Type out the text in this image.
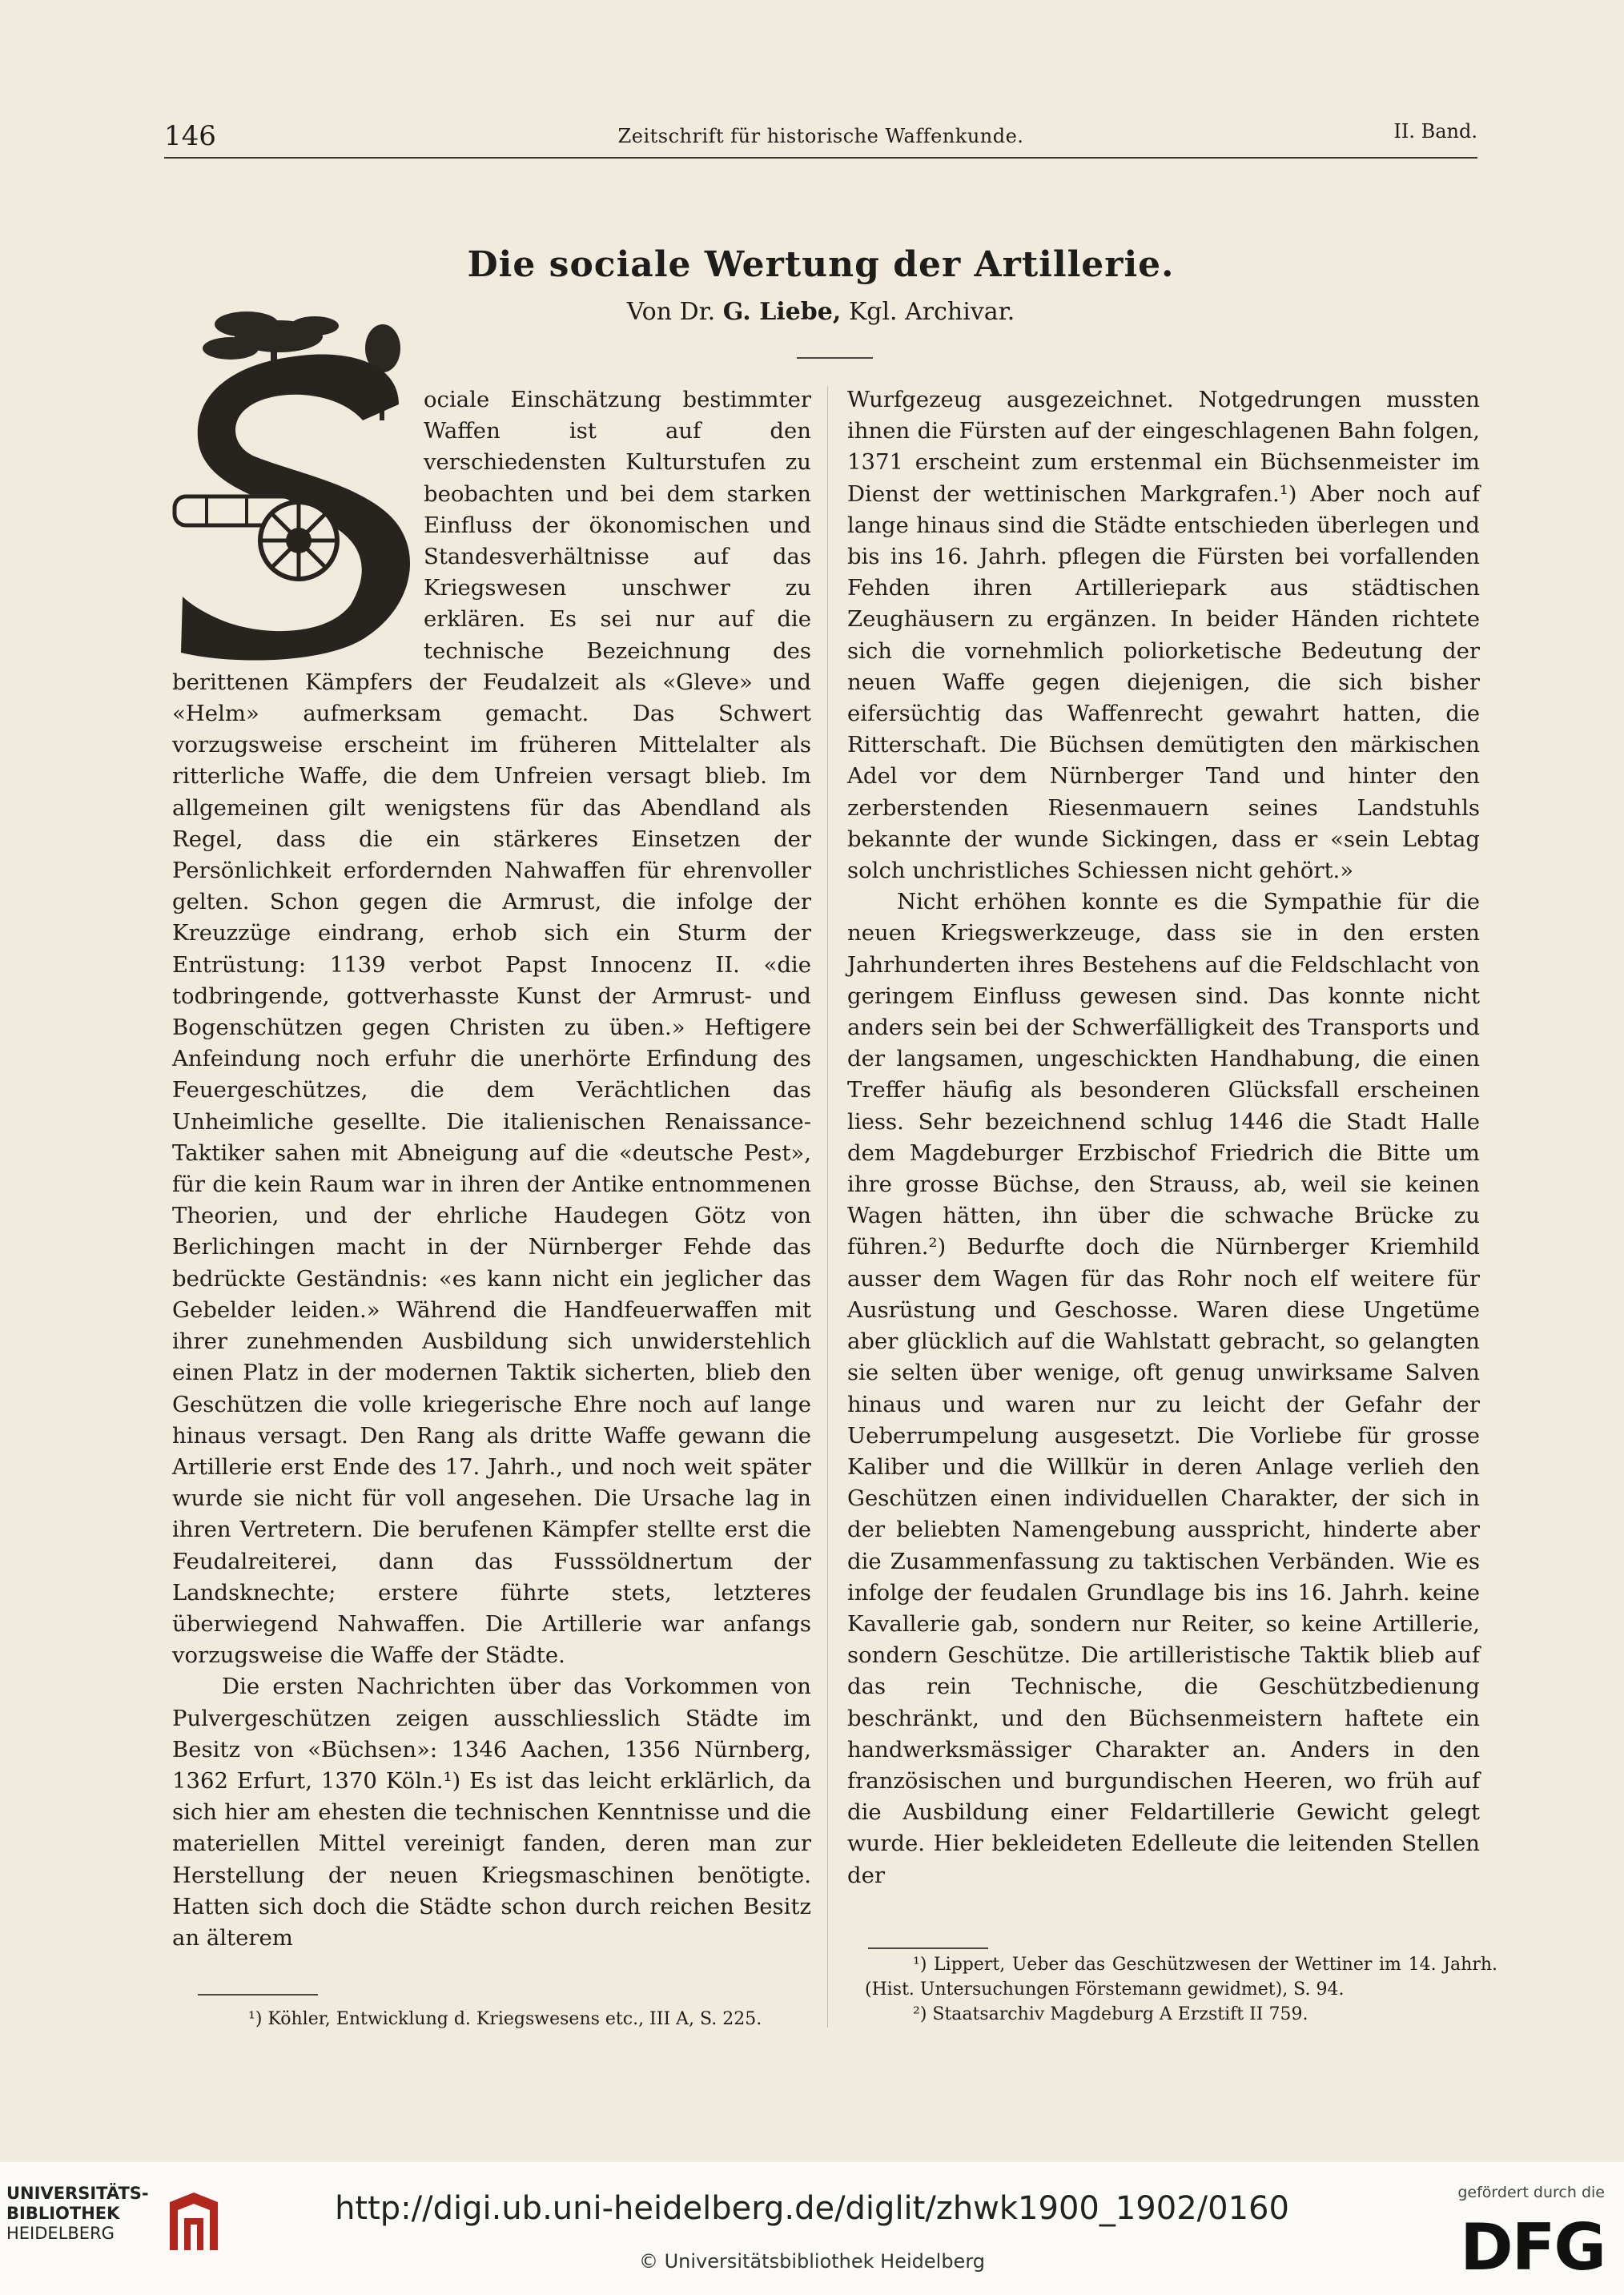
146	Zeitschrift für historische Waffenkunde.	II. Band.
Die sociale Wertung der Artillerie.
Von Dr. G. Liebe, Kgl. Archivar.

ociale Einschätzung bestimmter Waffen ist auf den verschiedensten Kulturstufen zu beobachten und bei dem starken Einfluss der ökonomischen und Standesverhältnisse auf das Kriegswesen unschwer zu erklären. Es sei nur auf die technische Bezeichnung des berittenen Kämpfers der Feudalzeit als «Gleve» und «Helm» aufmerksam gemacht. Das Schwert vorzugsweise erscheint im früheren Mittelalter als ritterliche Waffe, die dem Unfreien versagt blieb. Im allgemeinen gilt wenigstens für das Abendland als Regel, dass die ein stärkeres Einsetzen der Persönlichkeit erfordernden Nahwaffen für ehrenvoller gelten. Schon gegen die Armrust, die infolge der Kreuzzüge eindrang, erhob sich ein Sturm der Entrüstung: 1139 verbot Papst Innocenz II. «die todbringende, gottverhasste Kunst der Armrust- und Bogenschützen gegen Christen zu üben.» Heftigere Anfeindung noch erfuhr die unerhörte Erfindung des Feuergeschützes, die dem Verächtlichen das Unheimliche gesellte. Die italienischen Renaissance-Taktiker sahen mit Abneigung auf die «deutsche Pest», für die kein Raum war in ihren der Antike entnommenen Theorien, und der ehrliche Haudegen Götz von Berlichingen macht in der Nürnberger Fehde das bedrückte Geständnis: «es kann nicht ein jeglicher das Gebelder leiden.» Während die Handfeuerwaffen mit ihrer zunehmenden Ausbildung sich unwiderstehlich einen Platz in der modernen Taktik sicherten, blieb den Geschützen die volle kriegerische Ehre noch auf lange hinaus versagt. Den Rang als dritte Waffe gewann die Artillerie erst Ende des 17. Jahrh., und noch weit später wurde sie nicht für voll angesehen. Die Ursache lag in ihren Vertretern. Die berufenen Kämpfer stellte erst die Feudalreiterei, dann das Fusssöldnertum der Landsknechte; erstere führte stets, letzteres überwiegend Nahwaffen. Die Artillerie war anfangs vorzugsweise die Waffe der Städte.

Die ersten Nachrichten über das Vorkommen von Pulvergeschützen zeigen ausschliesslich Städte im Besitz von «Büchsen»: 1346 Aachen, 1356 Nürnberg, 1362 Erfurt, 1370 Köln.¹) Es ist das leicht erklärlich, da sich hier am ehesten die technischen Kenntnisse und die materiellen Mittel vereinigt fanden, deren man zur Herstellung der neuen Kriegsmaschinen benötigte. Hatten sich doch die Städte schon durch reichen Besitz an älterem

¹) Köhler, Entwicklung d. Kriegswesens etc., III A, S. 225.

Wurfgezeug ausgezeichnet. Notgedrungen mussten ihnen die Fürsten auf der eingeschlagenen Bahn folgen, 1371 erscheint zum erstenmal ein Büchsenmeister im Dienst der wettinischen Markgrafen.¹) Aber noch auf lange hinaus sind die Städte entschieden überlegen und bis ins 16. Jahrh. pflegen die Fürsten bei vorfallenden Fehden ihren Artilleriepark aus städtischen Zeughäusern zu ergänzen. In beider Händen richtete sich die vornehmlich poliorketische Bedeutung der neuen Waffe gegen diejenigen, die sich bisher eifersüchtig das Waffenrecht gewahrt hatten, die Ritterschaft. Die Büchsen demütigten den märkischen Adel vor dem Nürnberger Tand und hinter den zerberstenden Riesenmauern seines Landstuhls bekannte der wunde Sickingen, dass er «sein Lebtag solch unchristliches Schiessen nicht gehört.»

Nicht erhöhen konnte es die Sympathie für die neuen Kriegswerkzeuge, dass sie in den ersten Jahrhunderten ihres Bestehens auf die Feldschlacht von geringem Einfluss gewesen sind. Das konnte nicht anders sein bei der Schwerfälligkeit des Transports und der langsamen, ungeschickten Handhabung, die einen Treffer häufig als besonderen Glücksfall erscheinen liess. Sehr bezeichnend schlug 1446 die Stadt Halle dem Magdeburger Erzbischof Friedrich die Bitte um ihre grosse Büchse, den Strauss, ab, weil sie keinen Wagen hätten, ihn über die schwache Brücke zu führen.²) Bedurfte doch die Nürnberger Kriemhild ausser dem Wagen für das Rohr noch elf weitere für Ausrüstung und Geschosse. Waren diese Ungetüme aber glücklich auf die Wahlstatt gebracht, so gelangten sie selten über wenige, oft genug unwirksame Salven hinaus und waren nur zu leicht der Gefahr der Ueberrumpelung ausgesetzt. Die Vorliebe für grosse Kaliber und die Willkür in deren Anlage verlieh den Geschützen einen individuellen Charakter, der sich in der beliebten Namengebung ausspricht, hinderte aber die Zusammenfassung zu taktischen Verbänden. Wie es infolge der feudalen Grundlage bis ins 16. Jahrh. keine Kavallerie gab, sondern nur Reiter, so keine Artillerie, sondern Geschütze. Die artilleristische Taktik blieb auf das rein Technische, die Geschützbedienung beschränkt, und den Büchsenmeistern haftete ein handwerksmässiger Charakter an. Anders in den französischen und burgundischen Heeren, wo früh auf die Ausbildung einer Feldartillerie Gewicht gelegt wurde. Hier bekleideten Edelleute die leitenden Stellen der

¹) Lippert, Ueber das Geschützwesen der Wettiner im 14. Jahrh. (Hist. Untersuchungen Förstemann gewidmet), S. 94.
²) Staatsarchiv Magdeburg A Erzstift II 759.
UNIVERSITÄTS-
BIBLIOTHEK
HEIDELBERG
http://digi.ub.uni-heidelberg.de/diglit/zhwk1900_1902/0160
© Universitätsbibliothek Heidelberg
gefördert durch die
DFG
